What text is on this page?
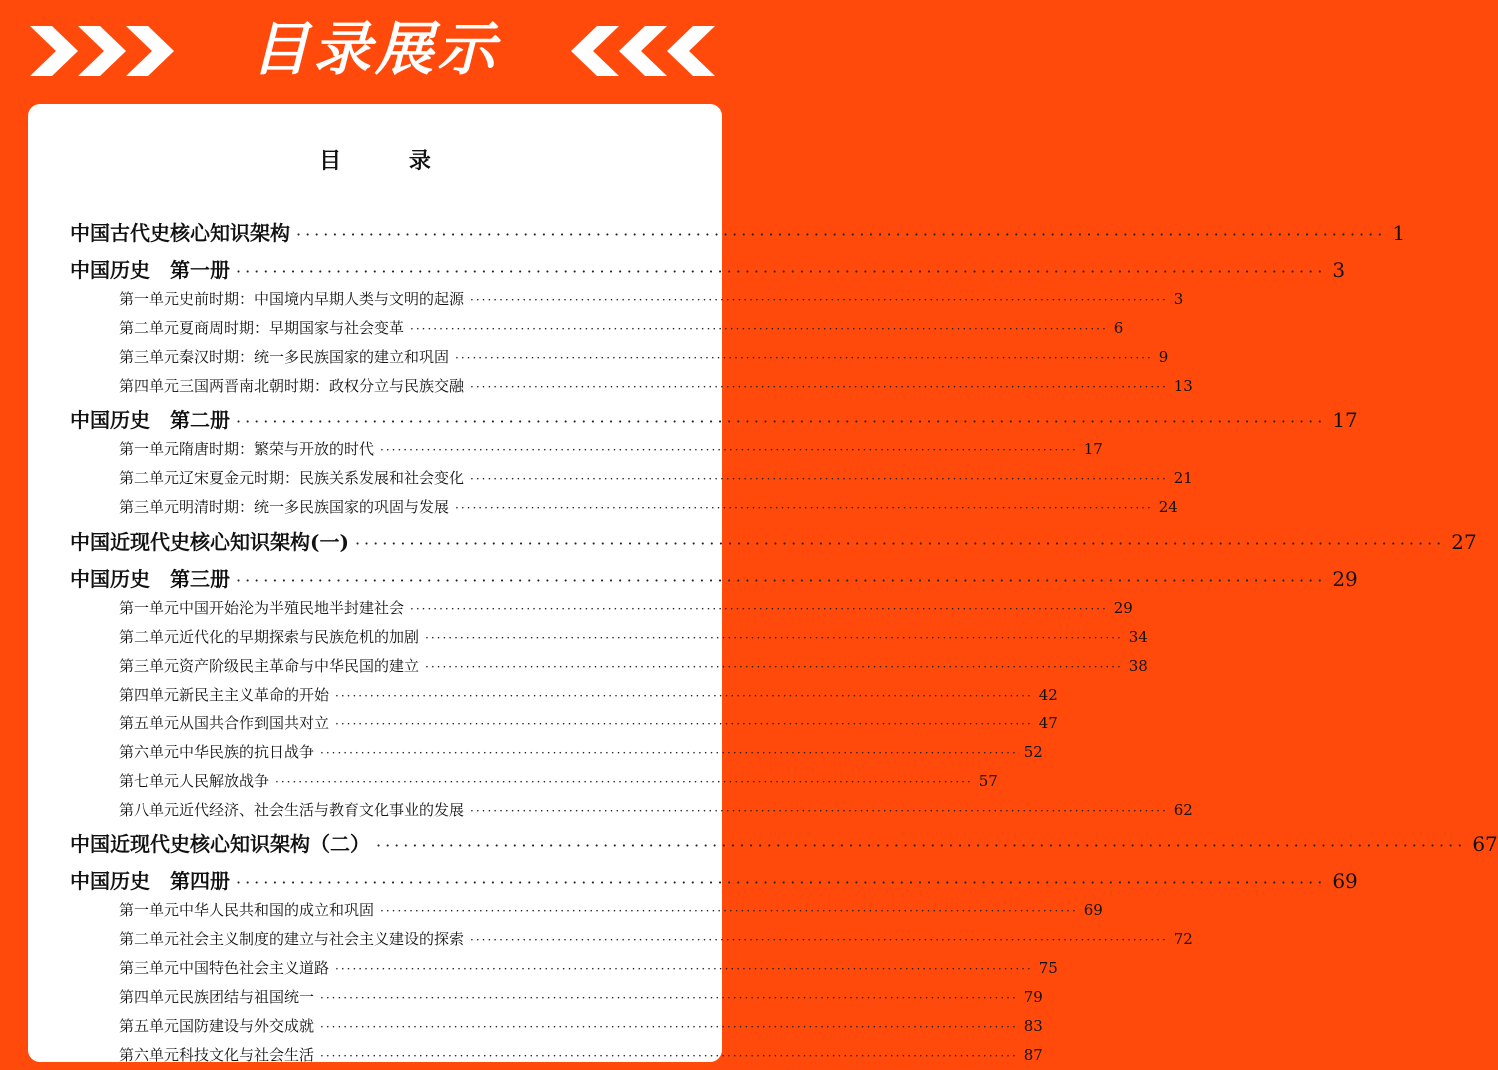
目录展示
目 录
中国古代史核心知识架构 ························································································································ 1
中国历史　第一册 ························································································································ 3
第一单元 史前时期：中国境内早期人类与文明的起源 ························································································································ 3
第二单元 夏商周时期：早期国家与社会变革 ························································································································ 6
第三单元 秦汉时期：统一多民族国家的建立和巩固 ························································································································ 9
第四单元 三国两晋南北朝时期：政权分立与民族交融 ························································································································ 13
中国历史　第二册 ························································································································ 17
第一单元 隋唐时期：繁荣与开放的时代 ························································································································ 17
第二单元 辽宋夏金元时期：民族关系发展和社会变化 ························································································································ 21
第三单元 明清时期：统一多民族国家的巩固与发展 ························································································································ 24
中国近现代史核心知识架构(一) ························································································································ 27
中国历史　第三册 ························································································································ 29
第一单元 中国开始沦为半殖民地半封建社会 ························································································································ 29
第二单元 近代化的早期探索与民族危机的加剧 ························································································································ 34
第三单元 资产阶级民主革命与中华民国的建立 ························································································································ 38
第四单元 新民主主义革命的开始 ························································································································ 42
第五单元 从国共合作到国共对立 ························································································································ 47
第六单元 中华民族的抗日战争 ························································································································ 52
第七单元 人民解放战争 ························································································································ 57
第八单元 近代经济、社会生活与教育文化事业的发展 ························································································································ 62
中国近现代史核心知识架构（二） ························································································································ 67
中国历史　第四册 ························································································································ 69
第一单元 中华人民共和国的成立和巩固 ························································································································ 69
第二单元 社会主义制度的建立与社会主义建设的探索 ························································································································ 72
第三单元 中国特色社会主义道路 ························································································································ 75
第四单元 民族团结与祖国统一 ························································································································ 79
第五单元 国防建设与外交成就 ························································································································ 83
第六单元 科技文化与社会生活 ························································································································ 87
